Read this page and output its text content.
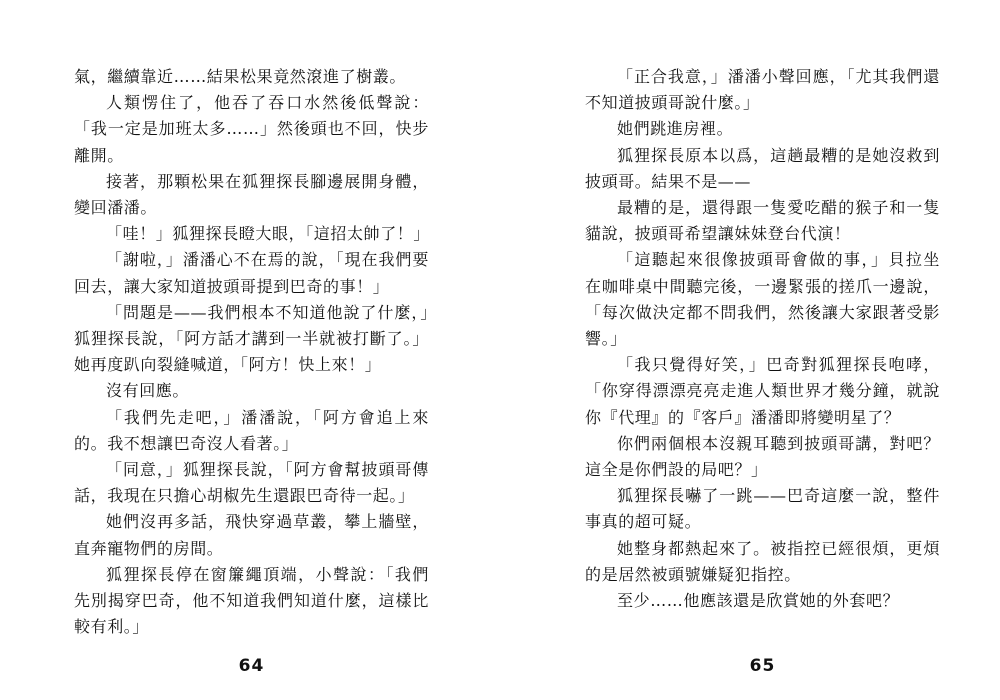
氣，繼續靠近……結果松果竟然滾進了樹叢。

人類愣住了，他吞了吞口水然後低聲說：「我一定是加班太多……」然後頭也不回，快步離開。

接著，那顆松果在狐狸探長腳邊展開身體，變回潘潘。

「哇！」狐狸探長瞪大眼，「這招太帥了！」

「謝啦，」潘潘心不在焉的說，「現在我們要回去，讓大家知道披頭哥提到巴奇的事！」

「問題是——我們根本不知道他說了什麼，」狐狸探長說，「阿方話才講到一半就被打斷了。」她再度趴向裂縫喊道，「阿方！快上來！」

沒有回應。

「我們先走吧，」潘潘說，「阿方會追上來的。我不想讓巴奇沒人看著。」

「同意，」狐狸探長說，「阿方會幫披頭哥傳話，我現在只擔心胡椒先生還跟巴奇待一起。」

她們沒再多話，飛快穿過草叢，攀上牆壁，直奔寵物們的房間。

狐狸探長停在窗簾繩頂端，小聲說：「我們先別揭穿巴奇，他不知道我們知道什麼，這樣比較有利。」

64

「正合我意，」潘潘小聲回應，「尤其我們還不知道披頭哥說什麼。」

她們跳進房裡。

狐狸探長原本以爲，這趟最糟的是她沒救到披頭哥。結果不是——

最糟的是，還得跟一隻愛吃醋的猴子和一隻貓說，披頭哥希望讓妹妹登台代演！

「這聽起來很像披頭哥會做的事，」貝拉坐在咖啡桌中間聽完後，一邊緊張的搓爪一邊說，「每次做決定都不問我們，然後讓大家跟著受影響。」

「我只覺得好笑，」巴奇對狐狸探長咆哮，「你穿得漂漂亮亮走進人類世界才幾分鐘，就說你『代理』的『客戶』潘潘即將變明星了？

你們兩個根本沒親耳聽到披頭哥講，對吧？這全是你們設的局吧？」

狐狸探長嚇了一跳——巴奇這麼一說，整件事真的超可疑。

她整身都熱起來了。被指控已經很煩，更煩的是居然被頭號嫌疑犯指控。

至少……他應該還是欣賞她的外套吧？

65
